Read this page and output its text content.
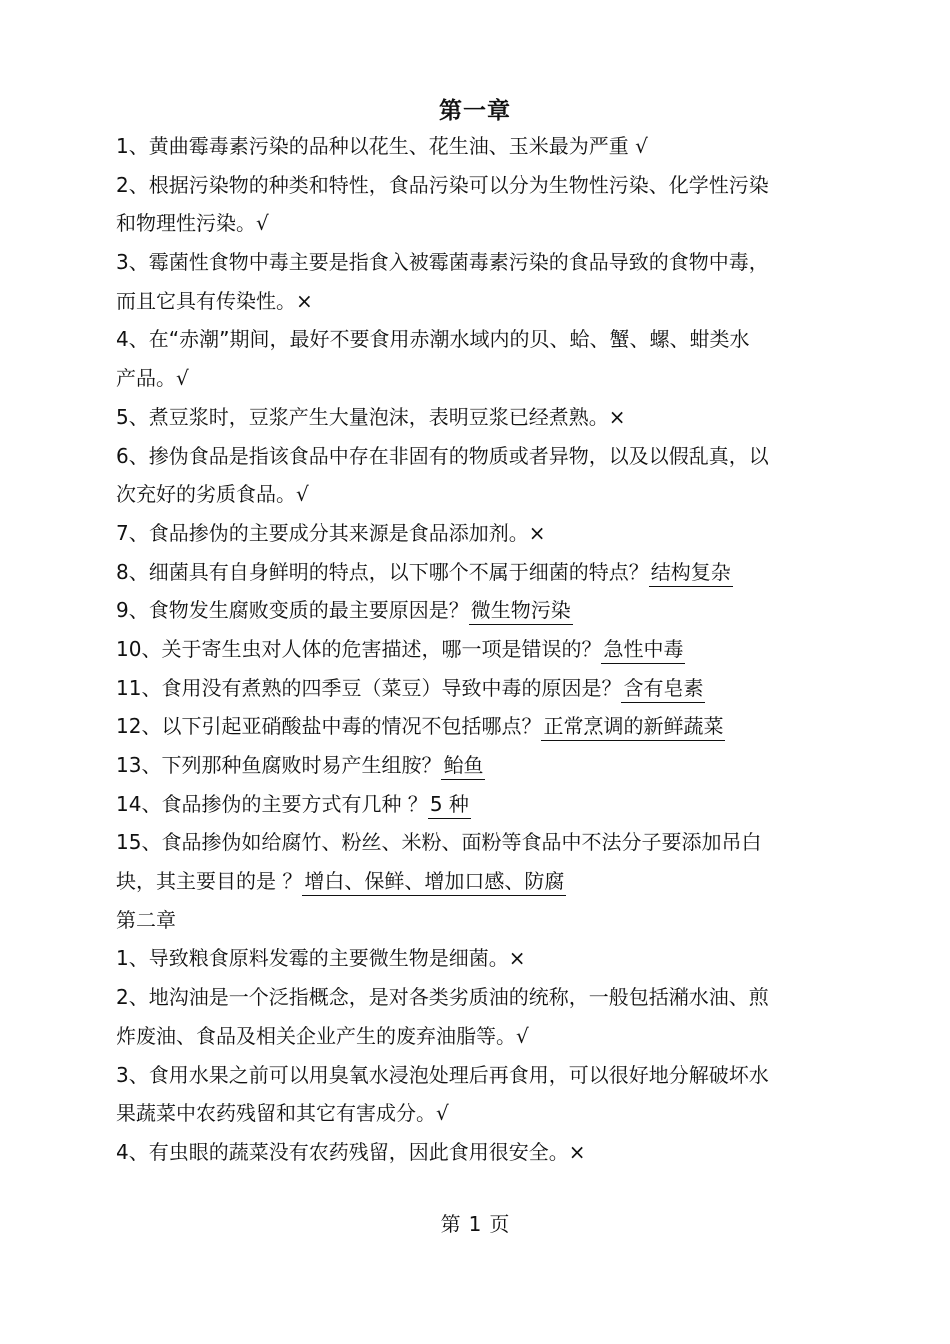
第一章
1、黄曲霉毒素污染的品种以花生、花生油、玉米最为严重 √
2、根据污染物的种类和特性，食品污染可以分为生物性污染、化学性污染
和物理性污染。√
3、霉菌性食物中毒主要是指食入被霉菌毒素污染的食品导致的食物中毒，
而且它具有传染性。×
4、在“赤潮”期间，最好不要食用赤潮水域内的贝、蛤、蟹、螺、蚶类水
产品。√
5、煮豆浆时，豆浆产生大量泡沫，表明豆浆已经煮熟。×
6、掺伪食品是指该食品中存在非固有的物质或者异物，以及以假乱真，以
次充好的劣质食品。√
7、食品掺伪的主要成分其来源是食品添加剂。×
8、细菌具有自身鲜明的特点，以下哪个不属于细菌的特点？ 结构复杂
9、食物发生腐败变质的最主要原因是？ 微生物污染
10、关于寄生虫对人体的危害描述，哪一项是错误的？ 急性中毒
11、食用没有煮熟的四季豆（菜豆）导致中毒的原因是？ 含有皂素
12、以下引起亚硝酸盐中毒的情况不包括哪点？ 正常烹调的新鲜蔬菜
13、下列那种鱼腐败时易产生组胺？ 鲐鱼
14、食品掺伪的主要方式有几种 ？ 5 种
15、食品掺伪如给腐竹、粉丝、米粉、面粉等食品中不法分子要添加吊白
块，其主要目的是 ？ 增白、保鲜、增加口感、防腐
第二章
1、导致粮食原料发霉的主要微生物是细菌。×
2、地沟油是一个泛指概念，是对各类劣质油的统称，一般包括潲水油、煎
炸废油、食品及相关企业产生的废弃油脂等。√
3、食用水果之前可以用臭氧水浸泡处理后再食用，可以很好地分解破坏水
果蔬菜中农药残留和其它有害成分。√
4、有虫眼的蔬菜没有农药残留，因此食用很安全。×
第 1 页
